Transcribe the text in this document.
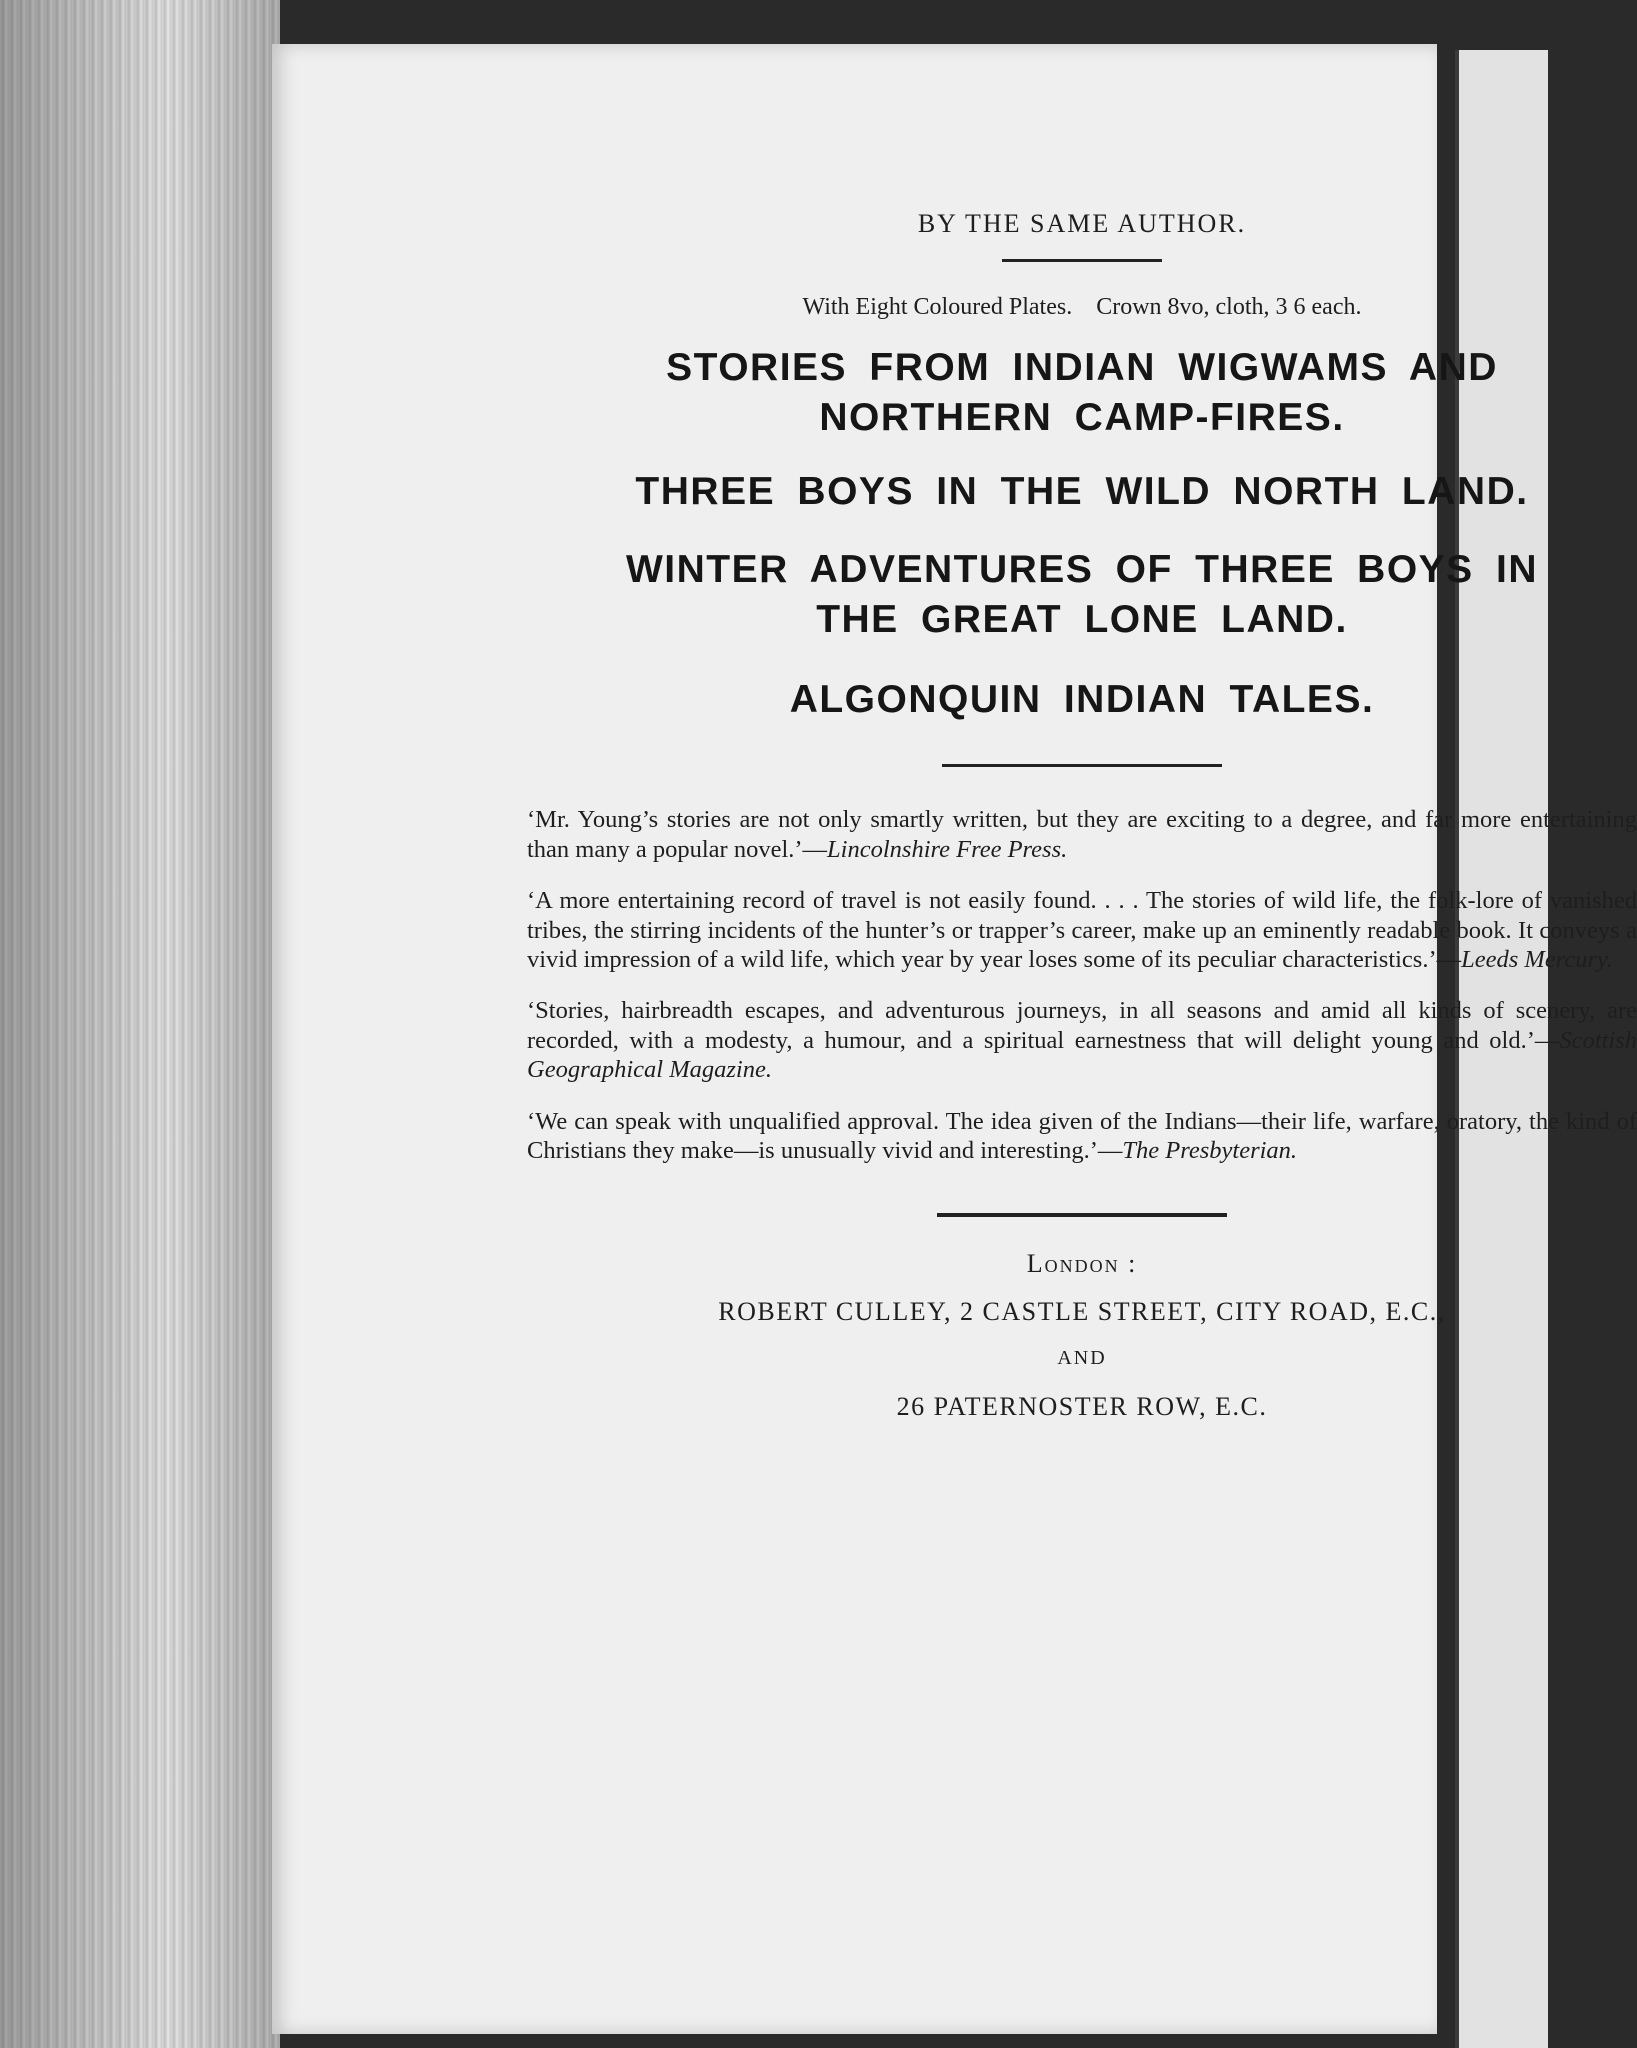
BY THE SAME AUTHOR.

With Eight Coloured Plates. Crown 8vo, cloth, 3 6 each.
STORIES FROM INDIAN WIGWAMS AND
NORTHERN CAMP-FIRES.
THREE BOYS IN THE WILD NORTH LAND.
WINTER ADVENTURES OF THREE BOYS IN
THE GREAT LONE LAND.
ALGONQUIN INDIAN TALES.

‘Mr. Young’s stories are not only smartly written, but they are exciting to a degree, and far more entertaining than many a popular novel.’—Lincolnshire Free Press.

‘A more entertaining record of travel is not easily found. . . . The stories of wild life, the folk-lore of vanished tribes, the stirring incidents of the hunter’s or trapper’s career, make up an eminently readable book. It conveys a vivid impression of a wild life, which year by year loses some of its peculiar characteristics.’—Leeds Mercury.

‘Stories, hairbreadth escapes, and adventurous journeys, in all seasons and amid all kinds of scenery, are recorded, with a modesty, a humour, and a spiritual earnestness that will delight young and old.’—Scottish Geographical Magazine.

‘We can speak with unqualified approval. The idea given of the Indians—their life, warfare, oratory, the kind of Christians they make—is unusually vivid and interesting.’—The Presbyterian.

London :
ROBERT CULLEY, 2 CASTLE STREET, CITY ROAD, E.C.,
AND
26 PATERNOSTER ROW, E.C.
